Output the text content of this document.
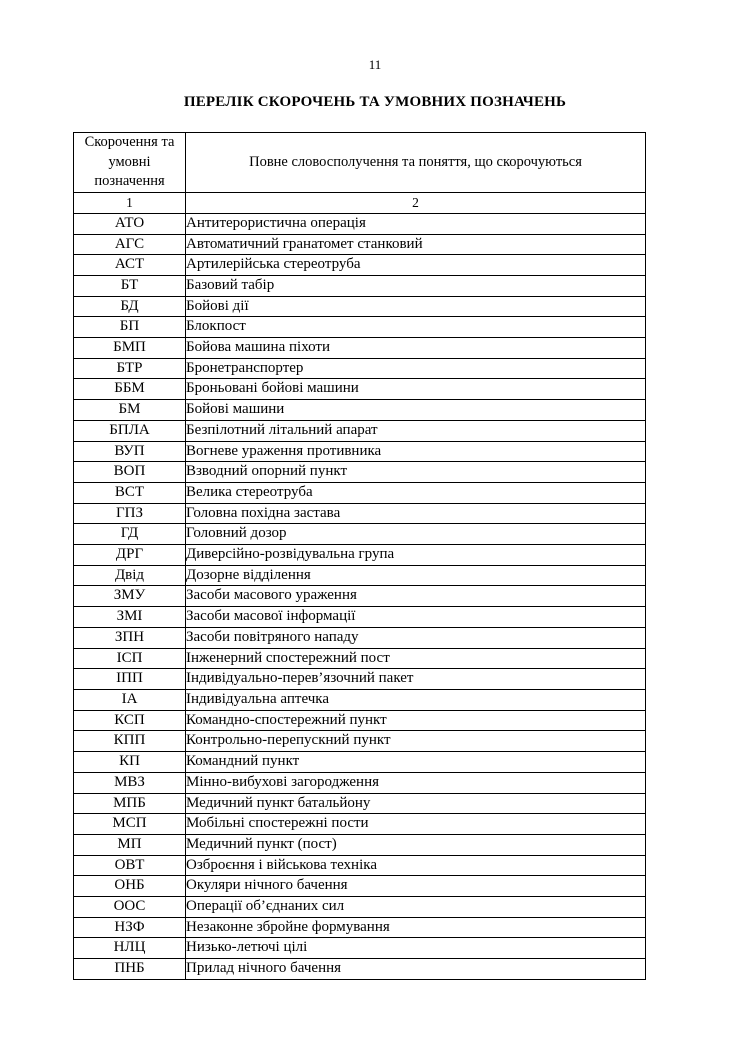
11
ПЕРЕЛІК СКОРОЧЕНЬ ТА УМОВНИХ ПОЗНАЧЕНЬ
Скорочення та умовні позначення	Повне словосполучення та поняття, що скорочуються
1	2
АТО	Антитерористична операція
АГС	Автоматичний гранатомет станковий
АСТ	Артилерійська стереотруба
БТ	Базовий табір
БД	Бойові дії
БП	Блокпост
БМП	Бойова машина піхоти
БТР	Бронетранспортер
ББМ	Броньовані бойові машини
БМ	Бойові машини
БПЛА	Безпілотний літальний апарат
ВУП	Вогневе ураження противника
ВОП	Взводний опорний пункт
ВСТ	Велика стереотруба
ГПЗ	Головна похідна застава
ГД	Головний дозор
ДРГ	Диверсійно-розвідувальна група
Двід	Дозорне відділення
ЗМУ	Засоби масового ураження
ЗМІ	Засоби масової інформації
ЗПН	Засоби повітряного нападу
ІСП	Інженерний спостережний пост
ІПП	Індивідуально-перев’язочний пакет
ІА	Індивідуальна аптечка
КСП	Командно-спостережний пункт
КПП	Контрольно-перепускний пункт
КП	Командний пункт
МВЗ	Мінно-вибухові загородження
МПБ	Медичний пункт батальйону
МСП	Мобільні спостережні пости
МП	Медичний пункт (пост)
ОВТ	Озброєння і військова техніка
ОНБ	Окуляри нічного бачення
ООС	Операції об’єднаних сил
НЗФ	Незаконне збройне формування
НЛЦ	Низько-летючі цілі
ПНБ	Прилад нічного бачення
